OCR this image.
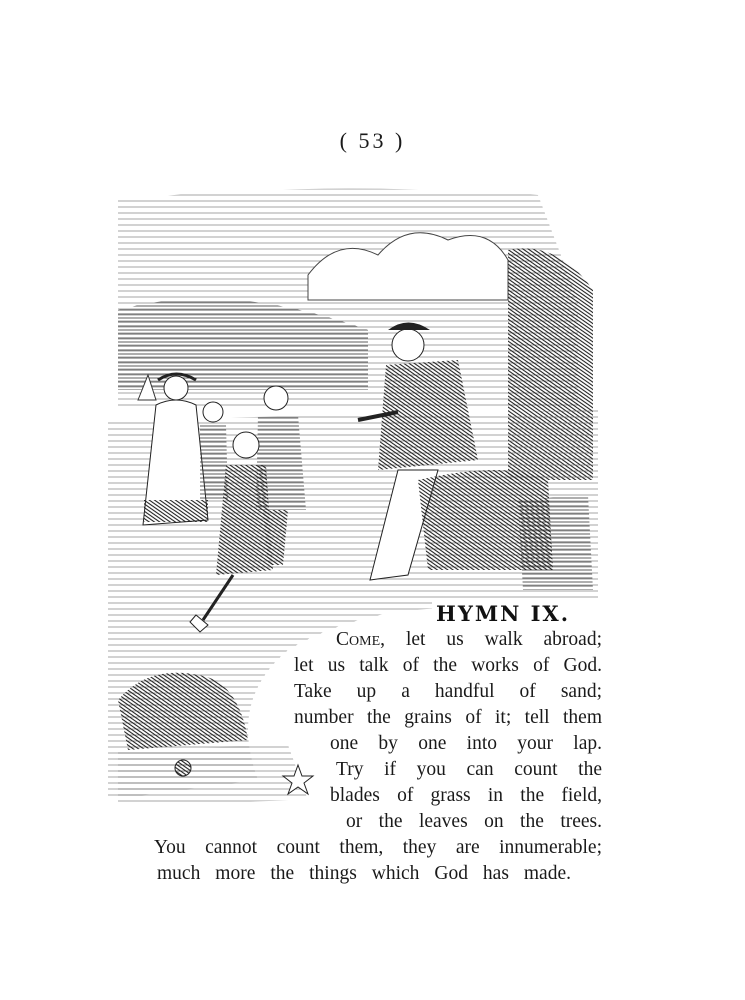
( 53 )
HYMN IX.
Come, let us walk abroad;
let us talk of the works of God.
Take up a handful of sand;
number the grains of it; tell them
one by one into your lap.
Try if you can count the
blades of grass in the field,
or the leaves on the trees.
You cannot count them, they are innumerable;
much more the things which God has made.
